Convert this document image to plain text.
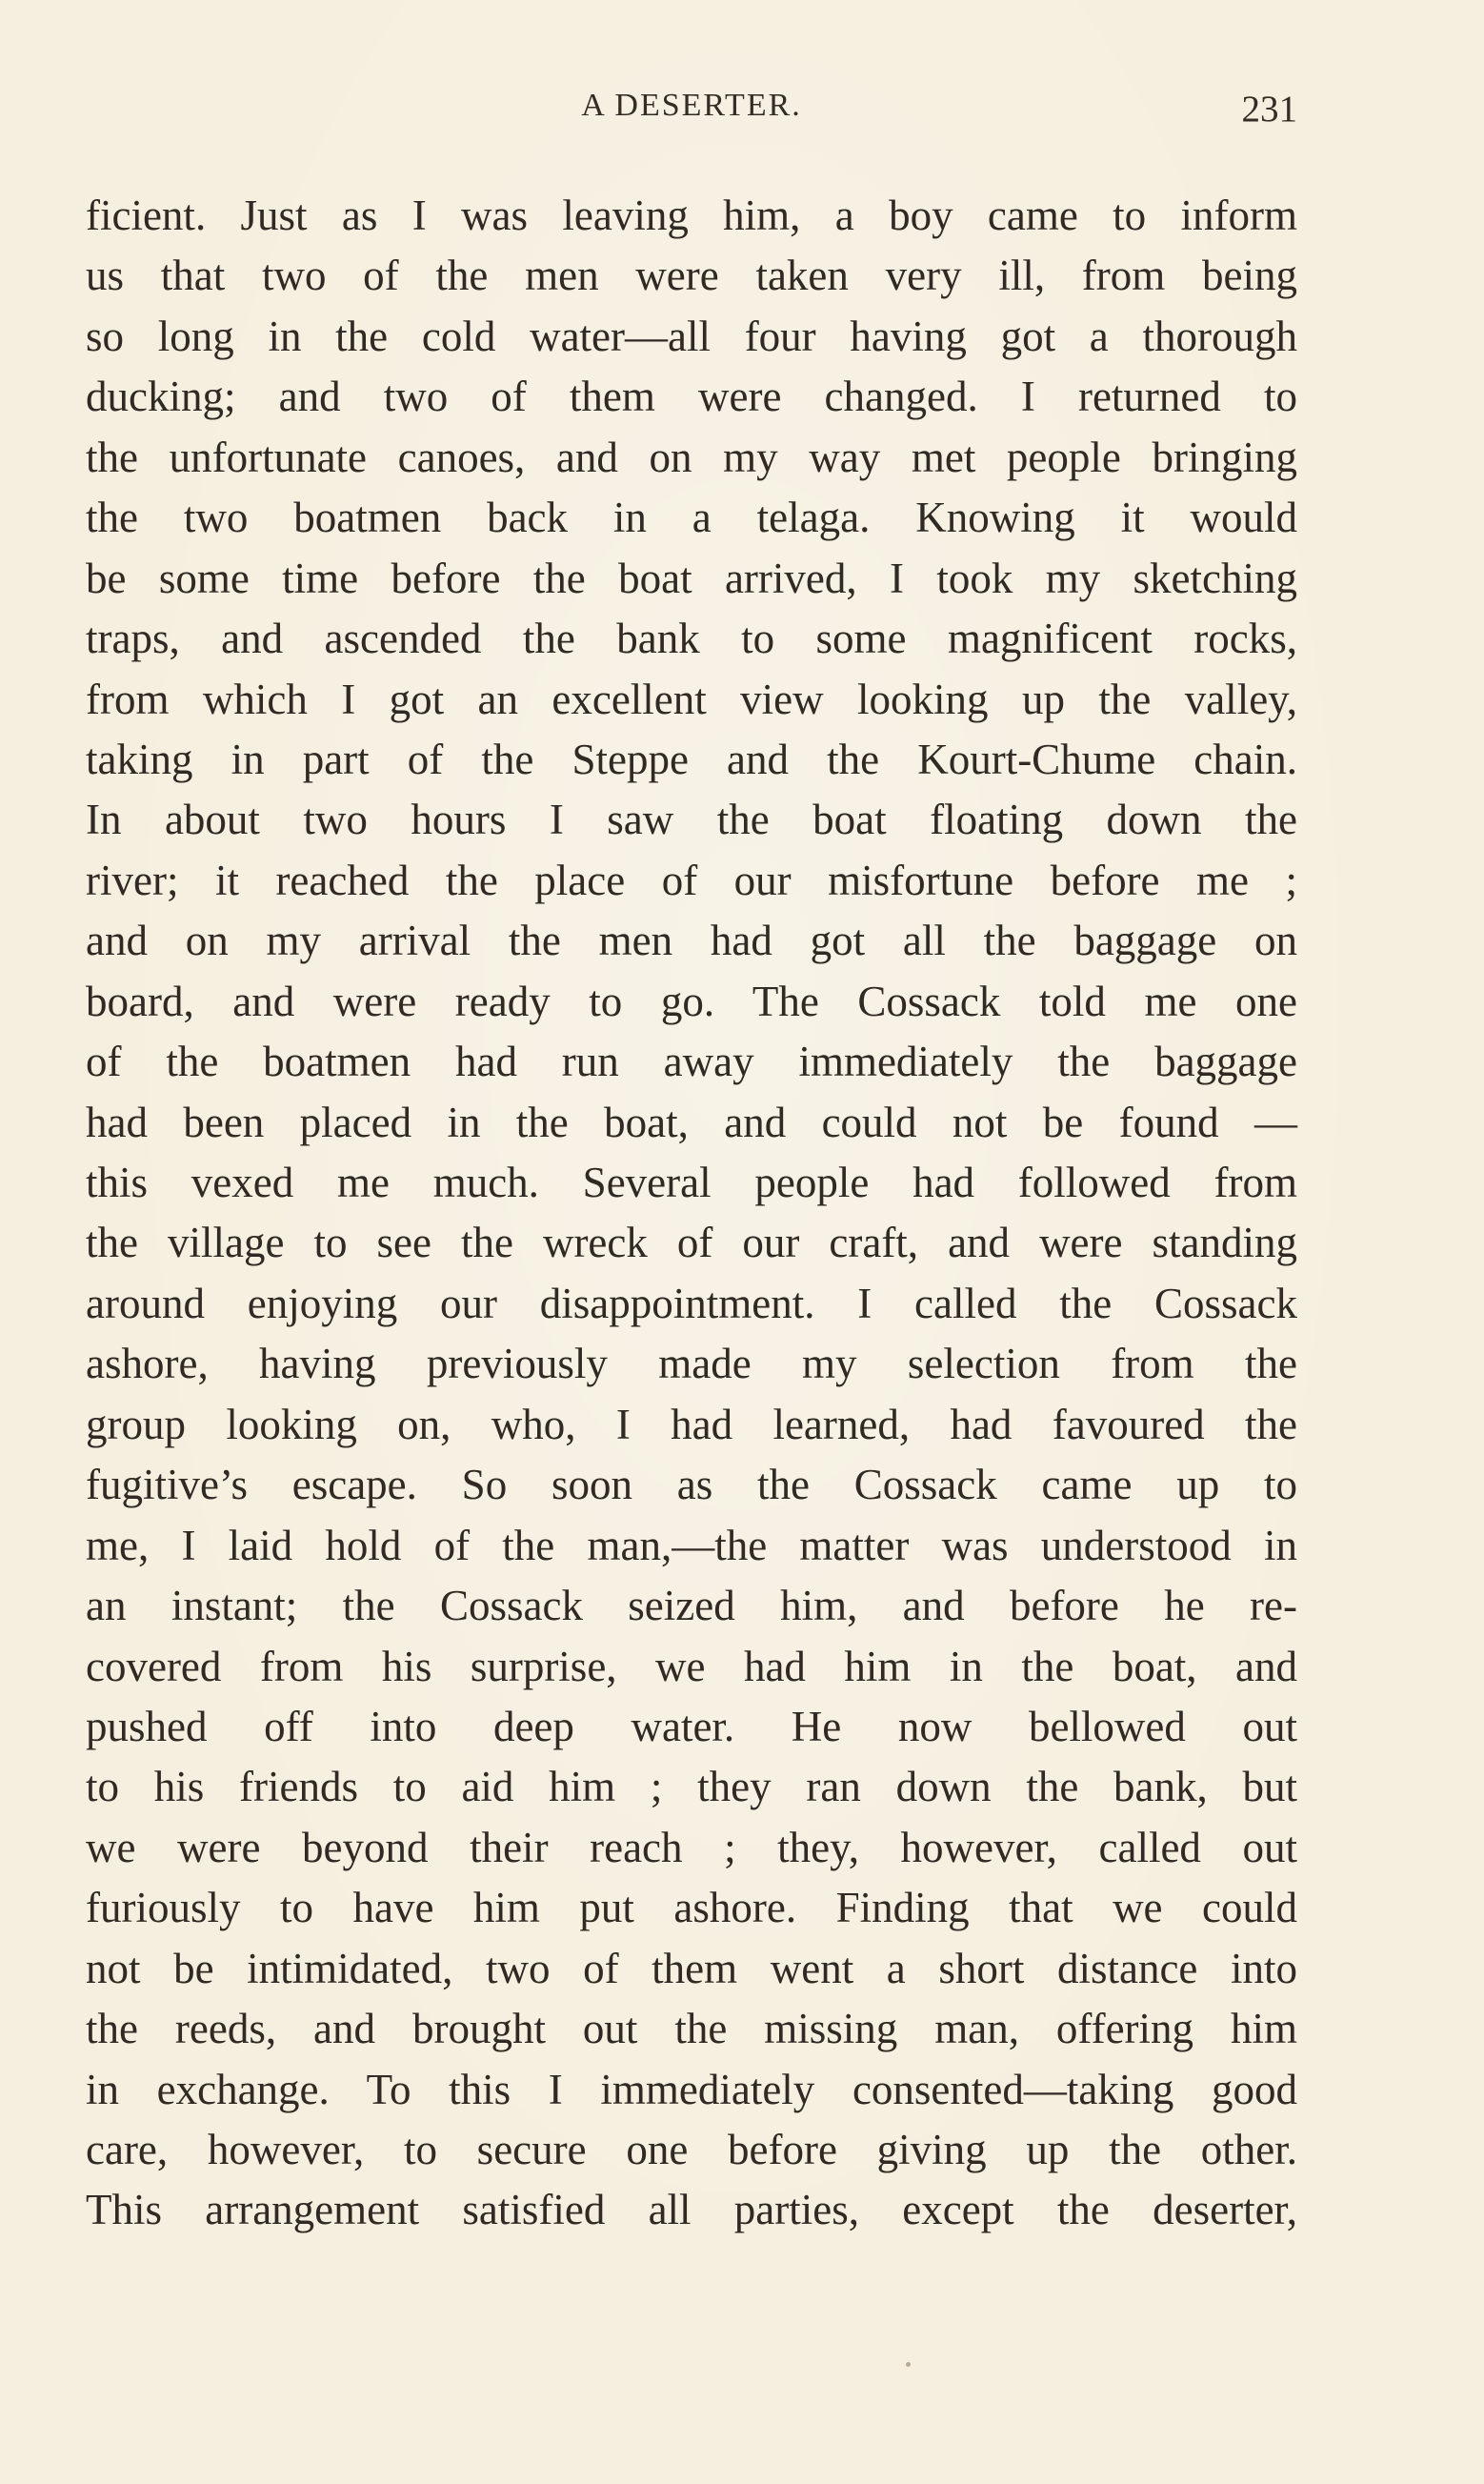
A DESERTER.	231
ficient. Just as I was leaving him, a boy came to inform
us that two of the men were taken very ill, from being
so long in the cold water—all four having got a thorough
ducking; and two of them were changed. I returned to
the unfortunate canoes, and on my way met people bringing
the two boatmen back in a telaga. Knowing it would
be some time before the boat arrived, I took my sketching
traps, and ascended the bank to some magnificent rocks,
from which I got an excellent view looking up the valley,
taking in part of the Steppe and the Kourt-Chume chain.
In about two hours I saw the boat floating down the
river; it reached the place of our misfortune before me ;
and on my arrival the men had got all the baggage on
board, and were ready to go. The Cossack told me one
of the boatmen had run away immediately the baggage
had been placed in the boat, and could not be found —
this vexed me much. Several people had followed from
the village to see the wreck of our craft, and were standing
around enjoying our disappointment. I called the Cossack
ashore, having previously made my selection from the
group looking on, who, I had learned, had favoured the
fugitive’s escape. So soon as the Cossack came up to
me, I laid hold of the man,—the matter was understood in
an instant; the Cossack seized him, and before he re-
covered from his surprise, we had him in the boat, and
pushed off into deep water. He now bellowed out
to his friends to aid him ; they ran down the bank, but
we were beyond their reach ; they, however, called out
furiously to have him put ashore. Finding that we could
not be intimidated, two of them went a short distance into
the reeds, and brought out the missing man, offering him
in exchange. To this I immediately consented—taking good
care, however, to secure one before giving up the other.
This arrangement satisfied all parties, except the deserter,
